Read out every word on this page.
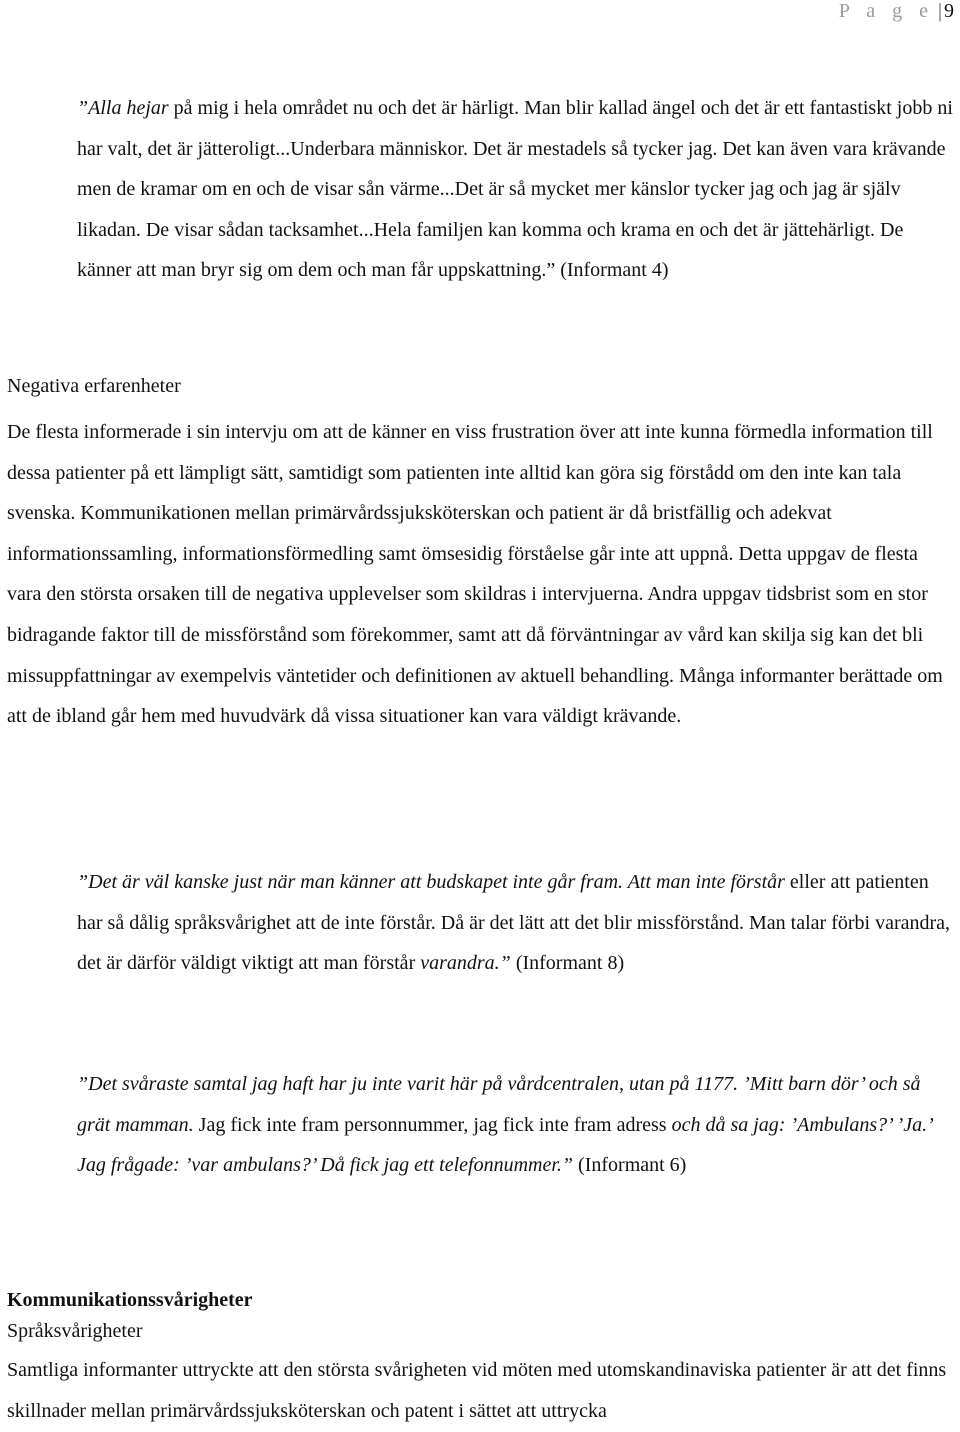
P a g e | 9
”Alla hejar på mig i hela området nu och det är härligt. Man blir kallad ängel och det är ett fantastiskt jobb ni har valt, det är jätteroligt...Underbara människor. Det är mestadels så tycker jag. Det kan även vara krävande men de kramar om en och de visar sån värme...Det är så mycket mer känslor tycker jag och jag är själv likadan. De visar sådan tacksamhet...Hela familjen kan komma och krama en och det är jättehärligt. De känner att man bryr sig om dem och man får uppskattning.” (Informant 4)
Negativa erfarenheter
De flesta informerade i sin intervju om att de känner en viss frustration över att inte kunna förmedla information till dessa patienter på ett lämpligt sätt, samtidigt som patienten inte alltid kan göra sig förstådd om den inte kan tala svenska. Kommunikationen mellan primärvårdssjuksköterskan och patient är då bristfällig och adekvat informationssamling, informationsförmedling samt ömsesidig förståelse går inte att uppnå. Detta uppgav de flesta vara den största orsaken till de negativa upplevelser som skildras i intervjuerna. Andra uppgav tidsbrist som en stor bidragande faktor till de missförstånd som förekommer, samt att då förväntningar av vård kan skilja sig kan det bli missuppfattningar av exempelvis väntetider och definitionen av aktuell behandling. Många informanter berättade om att de ibland går hem med huvudvärk då vissa situationer kan vara väldigt krävande.
”Det är väl kanske just när man känner att budskapet inte går fram. Att man inte förstår eller att patienten har så dålig språksvårighet att de inte förstår. Då är det lätt att det blir missförstånd. Man talar förbi varandra, det är därför väldigt viktigt att man förstår varandra.” (Informant 8)
”Det svåraste samtal jag haft har ju inte varit här på vårdcentralen, utan på 1177. ’Mitt barn dör’ och så grät mamman. Jag fick inte fram personnummer, jag fick inte fram adress och då sa jag: ’Ambulans?’ ’Ja.’ Jag frågade: ’var ambulans?’ Då fick jag ett telefonnummer.” (Informant 6)
Kommunikationssvårigheter
Språksvårigheter
Samtliga informanter uttryckte att den största svårigheten vid möten med utomskandinaviska patienter är att det finns skillnader mellan primärvårdssjuksköterskan och patent i sättet att uttrycka
